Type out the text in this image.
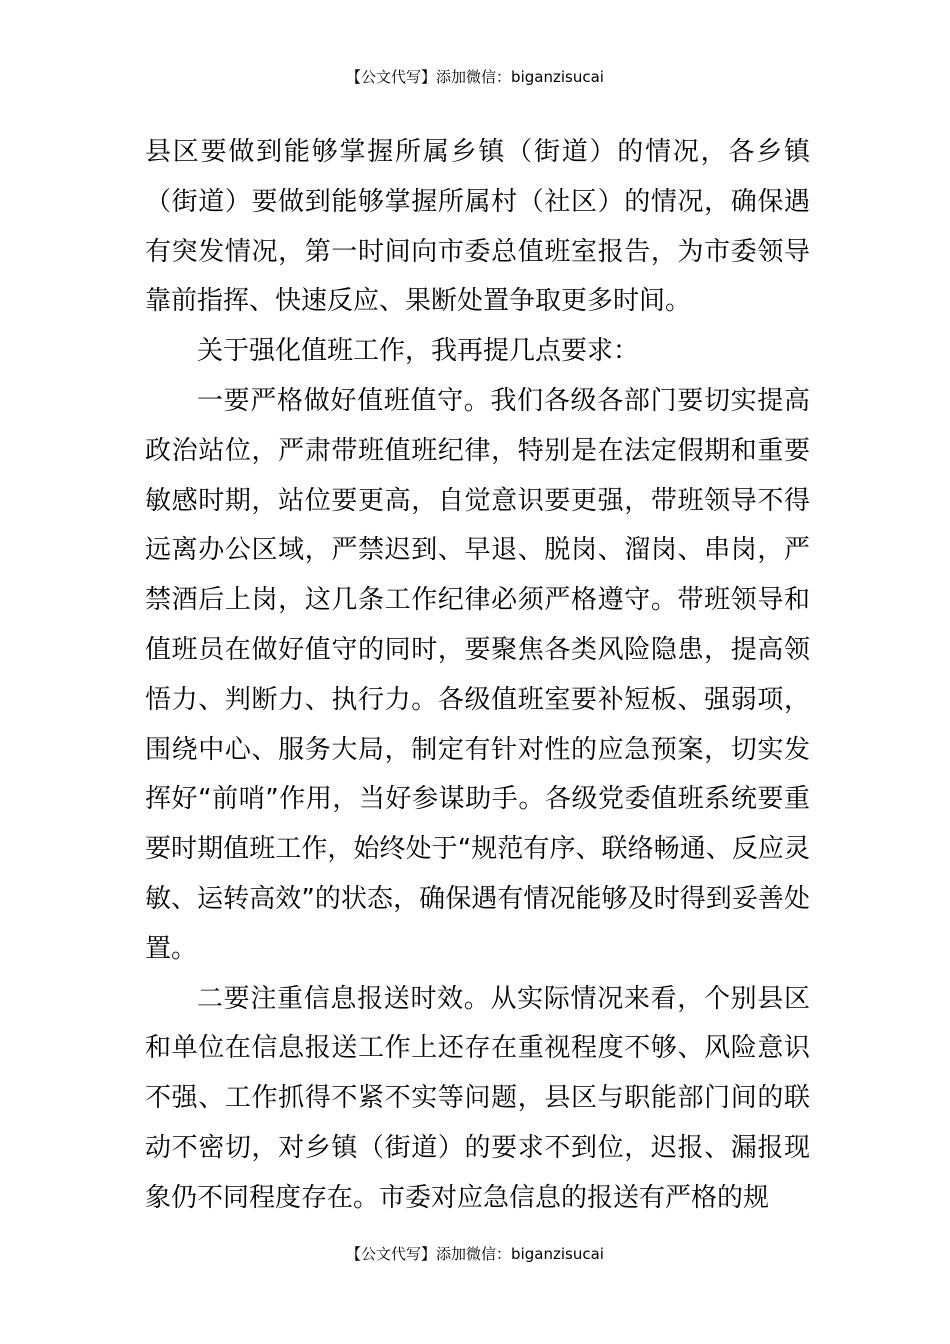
【公文代写】添加微信：biganzisucai

县区要做到能够掌握所属乡镇（街道）的情况，各乡镇（街道）要做到能够掌握所属村（社区）的情况，确保遇有突发情况，第一时间向市委总值班室报告，为市委领导靠前指挥、快速反应、果断处置争取更多时间。

关于强化值班工作，我再提几点要求：

一要严格做好值班值守。我们各级各部门要切实提高政治站位，严肃带班值班纪律，特别是在法定假期和重要敏感时期，站位要更高，自觉意识要更强，带班领导不得远离办公区域，严禁迟到、早退、脱岗、溜岗、串岗，严禁酒后上岗，这几条工作纪律必须严格遵守。带班领导和值班员在做好值守的同时，要聚焦各类风险隐患，提高领悟力、判断力、执行力。各级值班室要补短板、强弱项，围绕中心、服务大局，制定有针对性的应急预案，切实发挥好“前哨”作用，当好参谋助手。各级党委值班系统要重要时期值班工作，始终处于“规范有序、联络畅通、反应灵敏、运转高效”的状态，确保遇有情况能够及时得到妥善处置。

二要注重信息报送时效。从实际情况来看，个别县区和单位在信息报送工作上还存在重视程度不够、风险意识不强、工作抓得不紧不实等问题，县区与职能部门间的联动不密切，对乡镇（街道）的要求不到位，迟报、漏报现象仍不同程度存在。市委对应急信息的报送有严格的规

【公文代写】添加微信：biganzisucai
